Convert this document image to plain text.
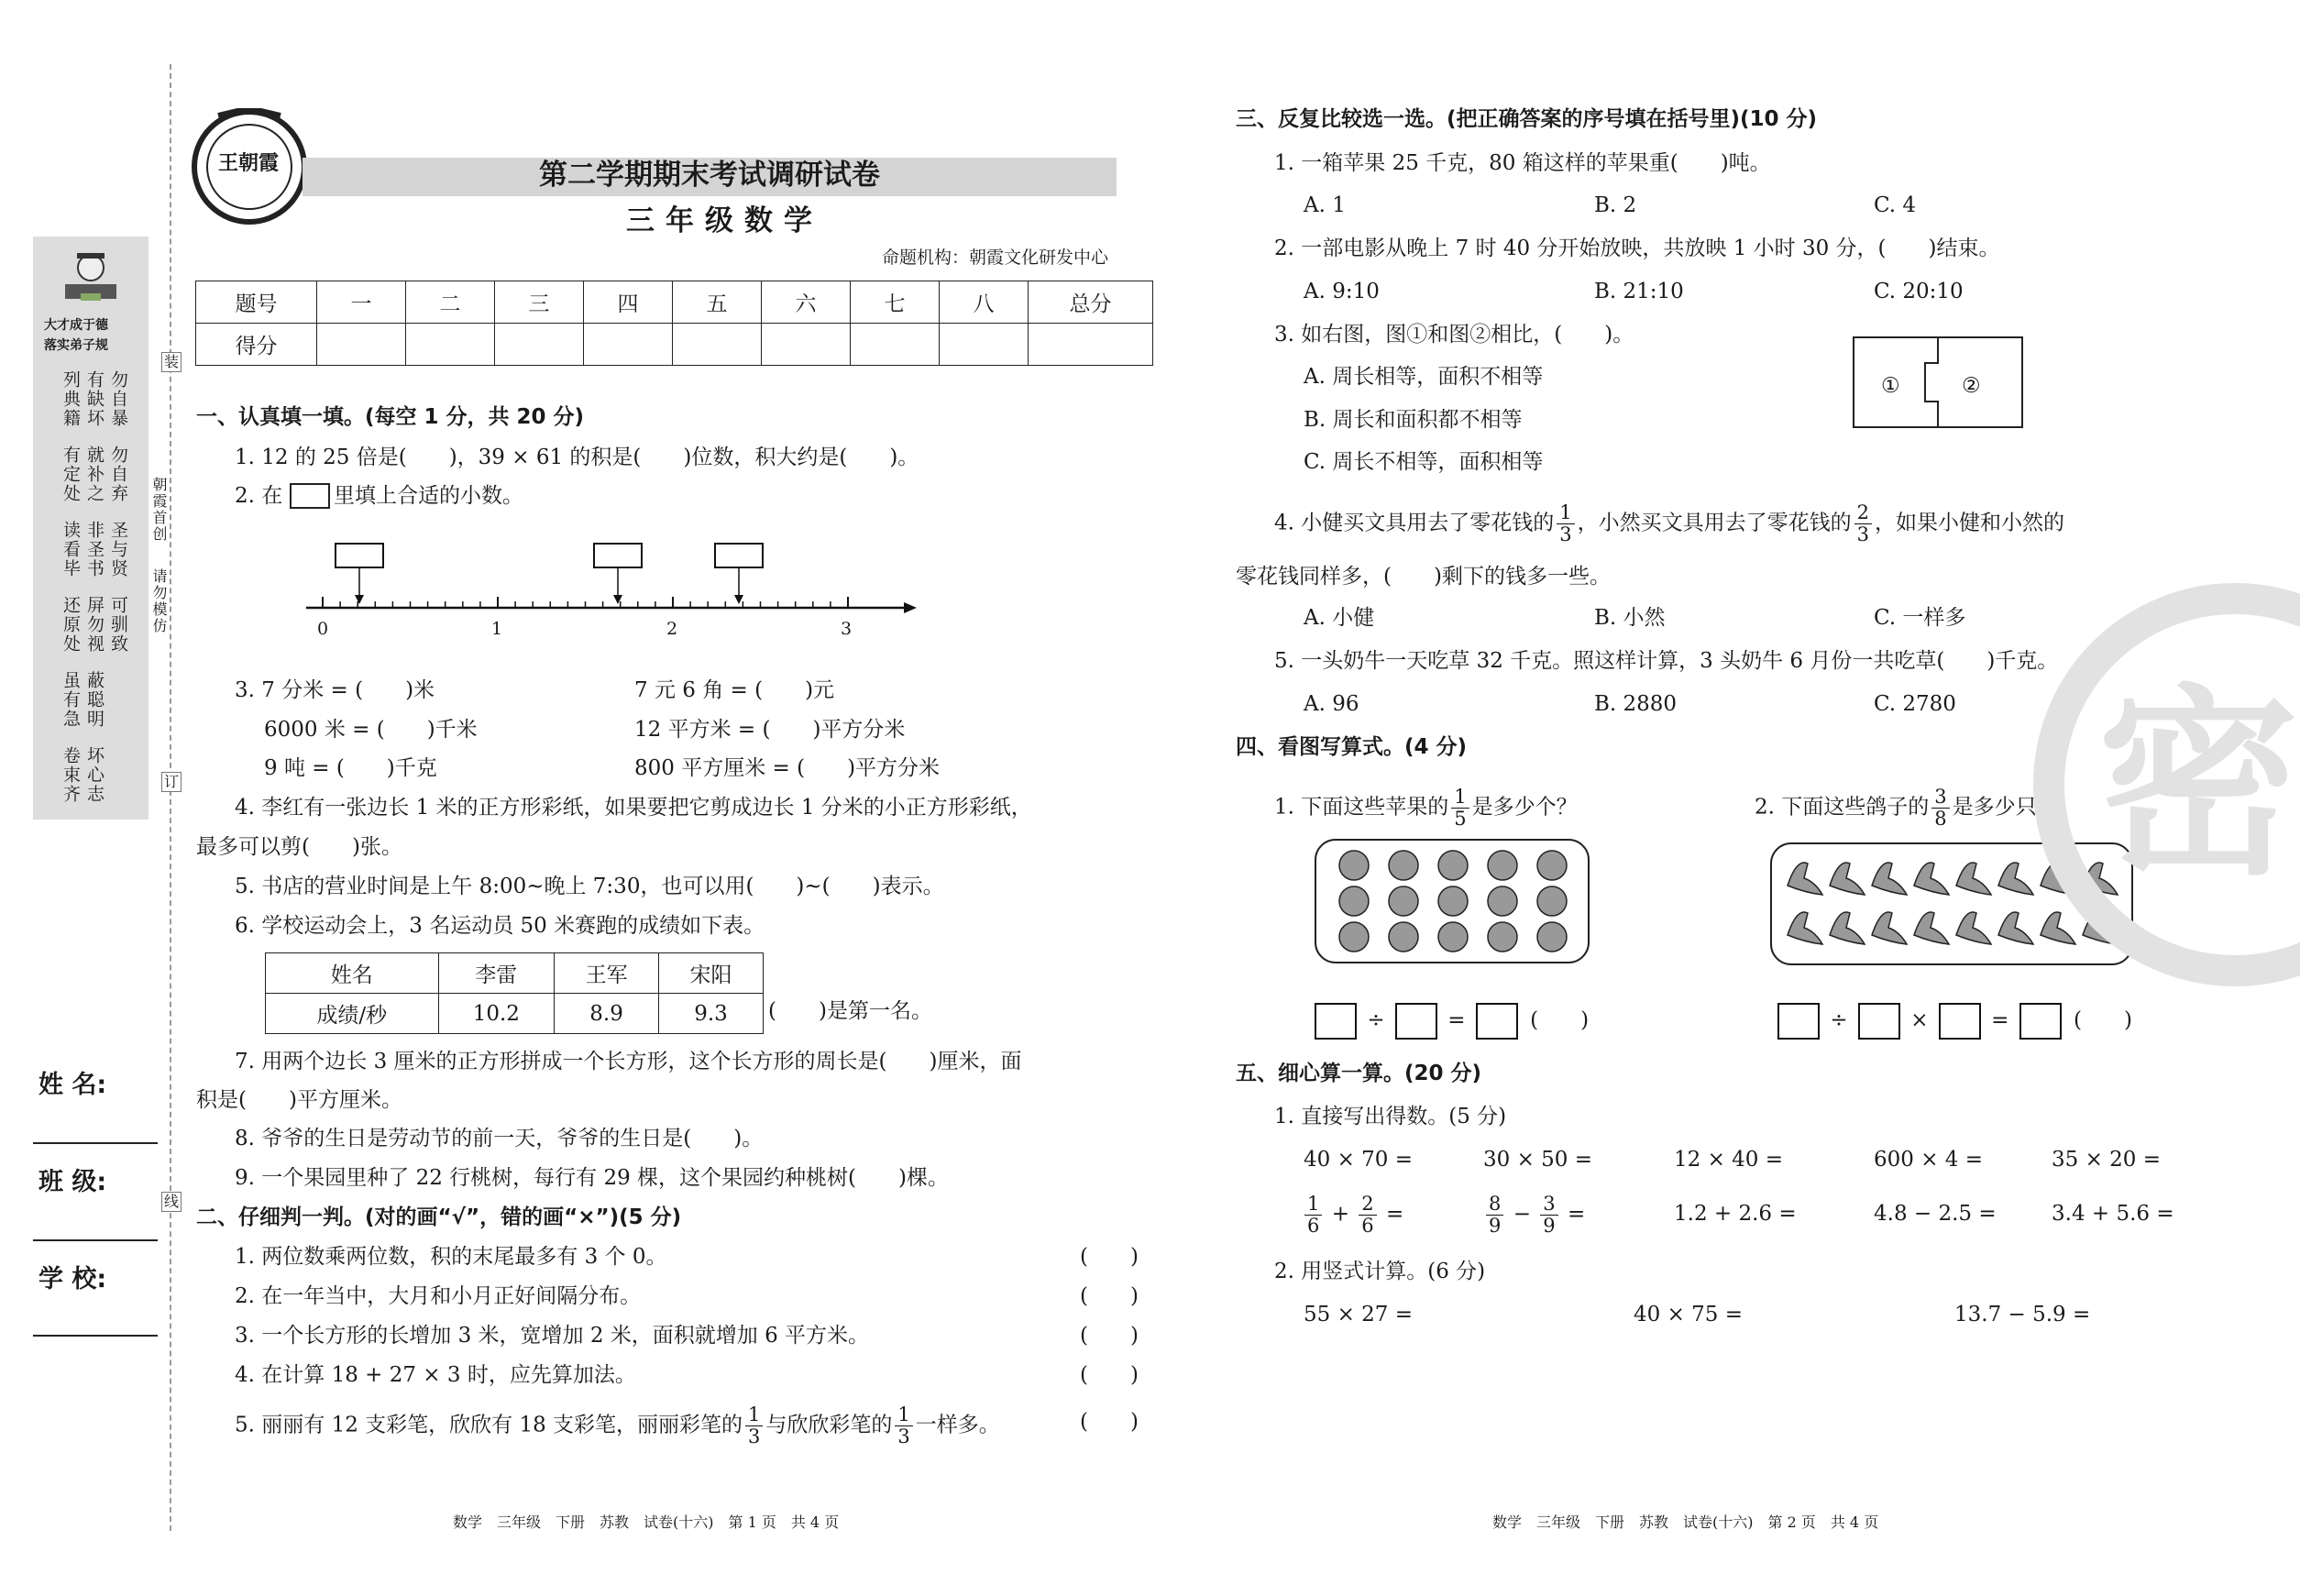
大才成于德
落实弟子规
勿自暴
有缺坏
列典籍
勿自弃
就补之
有定处
圣与贤
非圣书
读看毕
可驯致
屏勿视
还原处
蔽聪明
虽有急
坏心志
卷束齐
朝霞首创
请勿模仿
装
订
线
姓 名:
班 级:
学 校:
王朝霞	第二学期期末考试调研试卷
三年级数学
命题机构：朝霞文化研发中心
题号	一	二	三	四	五	六	七	八	总分
得分									
一、认真填一填。(每空 1 分，共 20 分)
1. 12 的 25 倍是(　　)，39 × 61 的积是(　　)位数，积大约是(　　)。
2. 在 里填上合适的小数。
0	1	2	3
3. 7 分米 = (　　)米	7 元 6 角 = (　　)元
6000 米 = (　　)千米	12 平方米 = (　　)平方分米
9 吨 = (　　)千克	800 平方厘米 = (　　)平方分米
4. 李红有一张边长 1 米的正方形彩纸，如果要把它剪成边长 1 分米的小正方形彩纸，
最多可以剪(　　)张。
5. 书店的营业时间是上午 8:00~晚上 7:30，也可以用(　　)~(　　)表示。
6. 学校运动会上，3 名运动员 50 米赛跑的成绩如下表。
姓名	李雷	王军	宋阳
成绩/秒	10.2	8.9	9.3 (　　)是第一名。
7. 用两个边长 3 厘米的正方形拼成一个长方形，这个长方形的周长是(　　)厘米，面
积是(　　)平方厘米。
8. 爷爷的生日是劳动节的前一天，爷爷的生日是(　　)。
9. 一个果园里种了 22 行桃树，每行有 29 棵，这个果园约种桃树(　　)棵。
二、仔细判一判。(对的画“√”，错的画“×”)(5 分)
1. 两位数乘两位数，积的末尾最多有 3 个 0。	(　　)
2. 在一年当中，大月和小月正好间隔分布。	(　　)
3. 一个长方形的长增加 3 米，宽增加 2 米，面积就增加 6 平方米。	(　　)
4. 在计算 18 + 27 × 3 时，应先算加法。	(　　)
5. 丽丽有 12 支彩笔，欣欣有 18 支彩笔，丽丽彩笔的 $\frac{1}{3}$ 与欣欣彩笔的 $\frac{1}{3}$ 一样多。	(　　)
数学　三年级　下册　苏教　试卷(十六)　第 1 页　共 4 页
三、反复比较选一选。(把正确答案的序号填在括号里)(10 分)
1. 一箱苹果 25 千克，80 箱这样的苹果重(　　)吨。
A. 1	B. 2	C. 4
2. 一部电影从晚上 7 时 40 分开始放映，共放映 1 小时 30 分，(　　)结束。
A. 9:10	B. 21:10	C. 20:10
3. 如右图，图①和图②相比，(　　)。
A. 周长相等，面积不相等
B. 周长和面积都不相等
C. 周长不相等，面积相等
①	②
4. 小健买文具用去了零花钱的 $\frac{1}{3}$ ，小然买文具用去了零花钱的 $\frac{2}{3}$ ，如果小健和小然的
零花钱同样多，(　　)剩下的钱多一些。
A. 小健	B. 小然	C. 一样多
5. 一头奶牛一天吃草 32 千克。照这样计算，3 头奶牛 6 月份一共吃草(　　)千克。
A. 96	B. 2880	C. 2780
四、看图写算式。(4 分)
1. 下面这些苹果的 $\frac{1}{5}$ 是多少个？	2. 下面这些鸽子的 $\frac{3}{8}$ 是多少只？
÷	=	(　　)	÷	×	=	(　　)
五、细心算一算。(20 分)
1. 直接写出得数。(5 分)
40 × 70 =	30 × 50 =	12 × 40 =	600 × 4 =	35 × 20 =
$\frac{1}{6} + \frac{2}{6}$ =	$\frac{8}{9} - \frac{3}{9}$ =	1.2 + 2.6 =	4.8 − 2.5 =	3.4 + 5.6 =
2. 用竖式计算。(6 分)
55 × 27 =	40 × 75 =	13.7 − 5.9 =
数学　三年级　下册　苏教　试卷(十六)　第 2 页　共 4 页
密
